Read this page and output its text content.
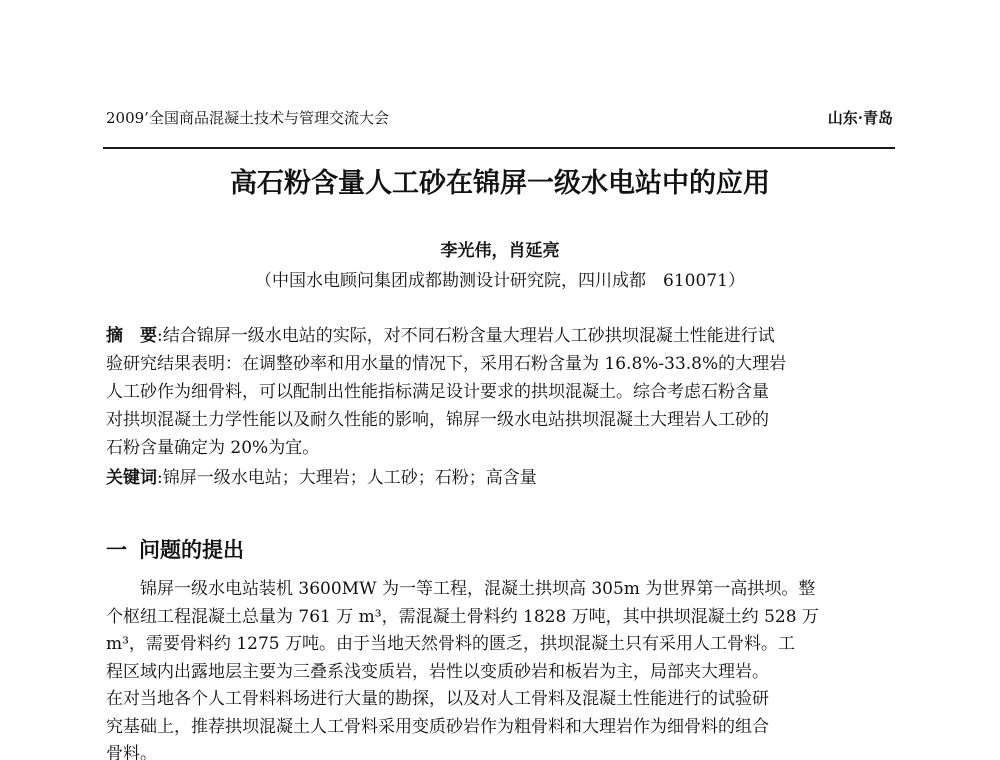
2009’全国商品混凝土技术与管理交流大会	山东·青岛
高石粉含量人工砂在锦屏一级水电站中的应用
李光伟，肖延亮
（中国水电顾问集团成都勘测设计研究院，四川成都　610071）
摘　要:结合锦屏一级水电站的实际，对不同石粉含量大理岩人工砂拱坝混凝土性能进行试
验研究结果表明：在调整砂率和用水量的情况下，采用石粉含量为 16.8%-33.8%的大理岩
人工砂作为细骨料，可以配制出性能指标满足设计要求的拱坝混凝土。综合考虑石粉含量
对拱坝混凝土力学性能以及耐久性能的影响，锦屏一级水电站拱坝混凝土大理岩人工砂的
石粉含量确定为 20%为宜。
关键词:锦屏一级水电站；大理岩；人工砂；石粉；高含量
一 问题的提出
锦屏一级水电站装机 3600MW 为一等工程，混凝土拱坝高 305m 为世界第一高拱坝。整
个枢纽工程混凝土总量为 761 万 m³，需混凝土骨料约 1828 万吨，其中拱坝混凝土约 528 万
m³，需要骨料约 1275 万吨。由于当地天然骨料的匮乏，拱坝混凝土只有采用人工骨料。工
程区域内出露地层主要为三叠系浅变质岩，岩性以变质砂岩和板岩为主，局部夹大理岩。
在对当地各个人工骨料料场进行大量的勘探，以及对人工骨料及混凝土性能进行的试验研
究基础上，推荐拱坝混凝土人工骨料采用变质砂岩作为粗骨料和大理岩作为细骨料的组合
骨料。
